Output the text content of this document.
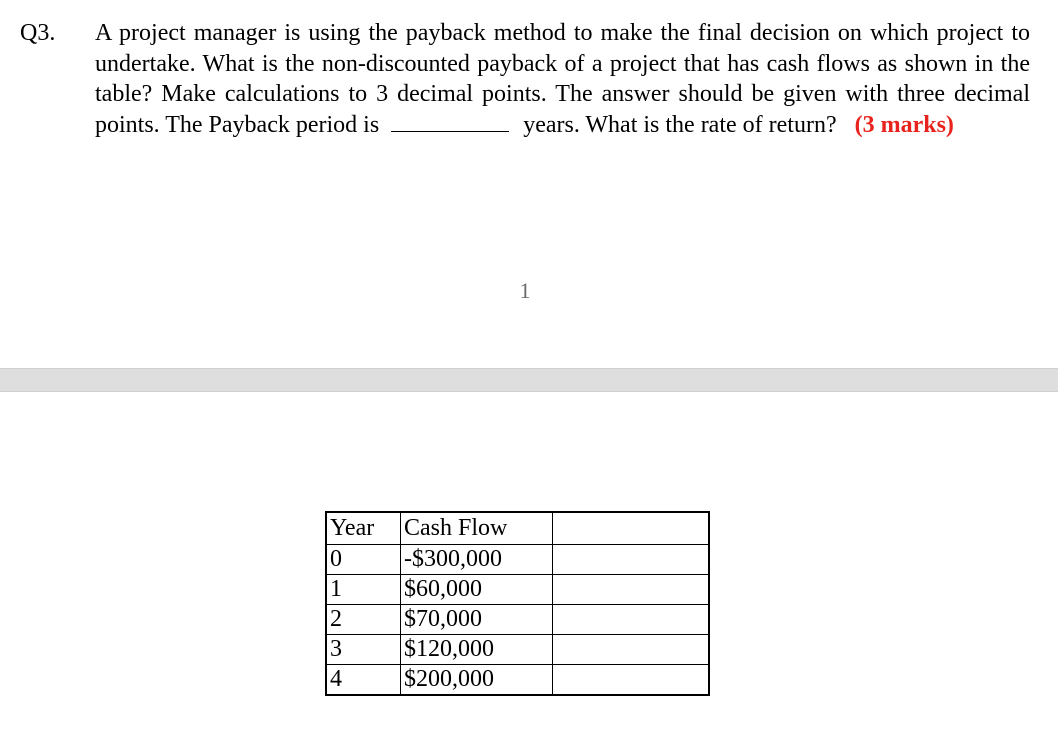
Q3. A project manager is using the payback method to make the final decision on which project to undertake. What is the non-discounted payback of a project that has cash flows as shown in the table? Make calculations to 3 decimal points. The answer should be given with three decimal points. The Payback period is	years. What is the rate of return? (3 marks)
1
Year	Cash Flow	
0	-$300,000	
1	$60,000	
2	$70,000	
3	$120,000	
4	$200,000	
